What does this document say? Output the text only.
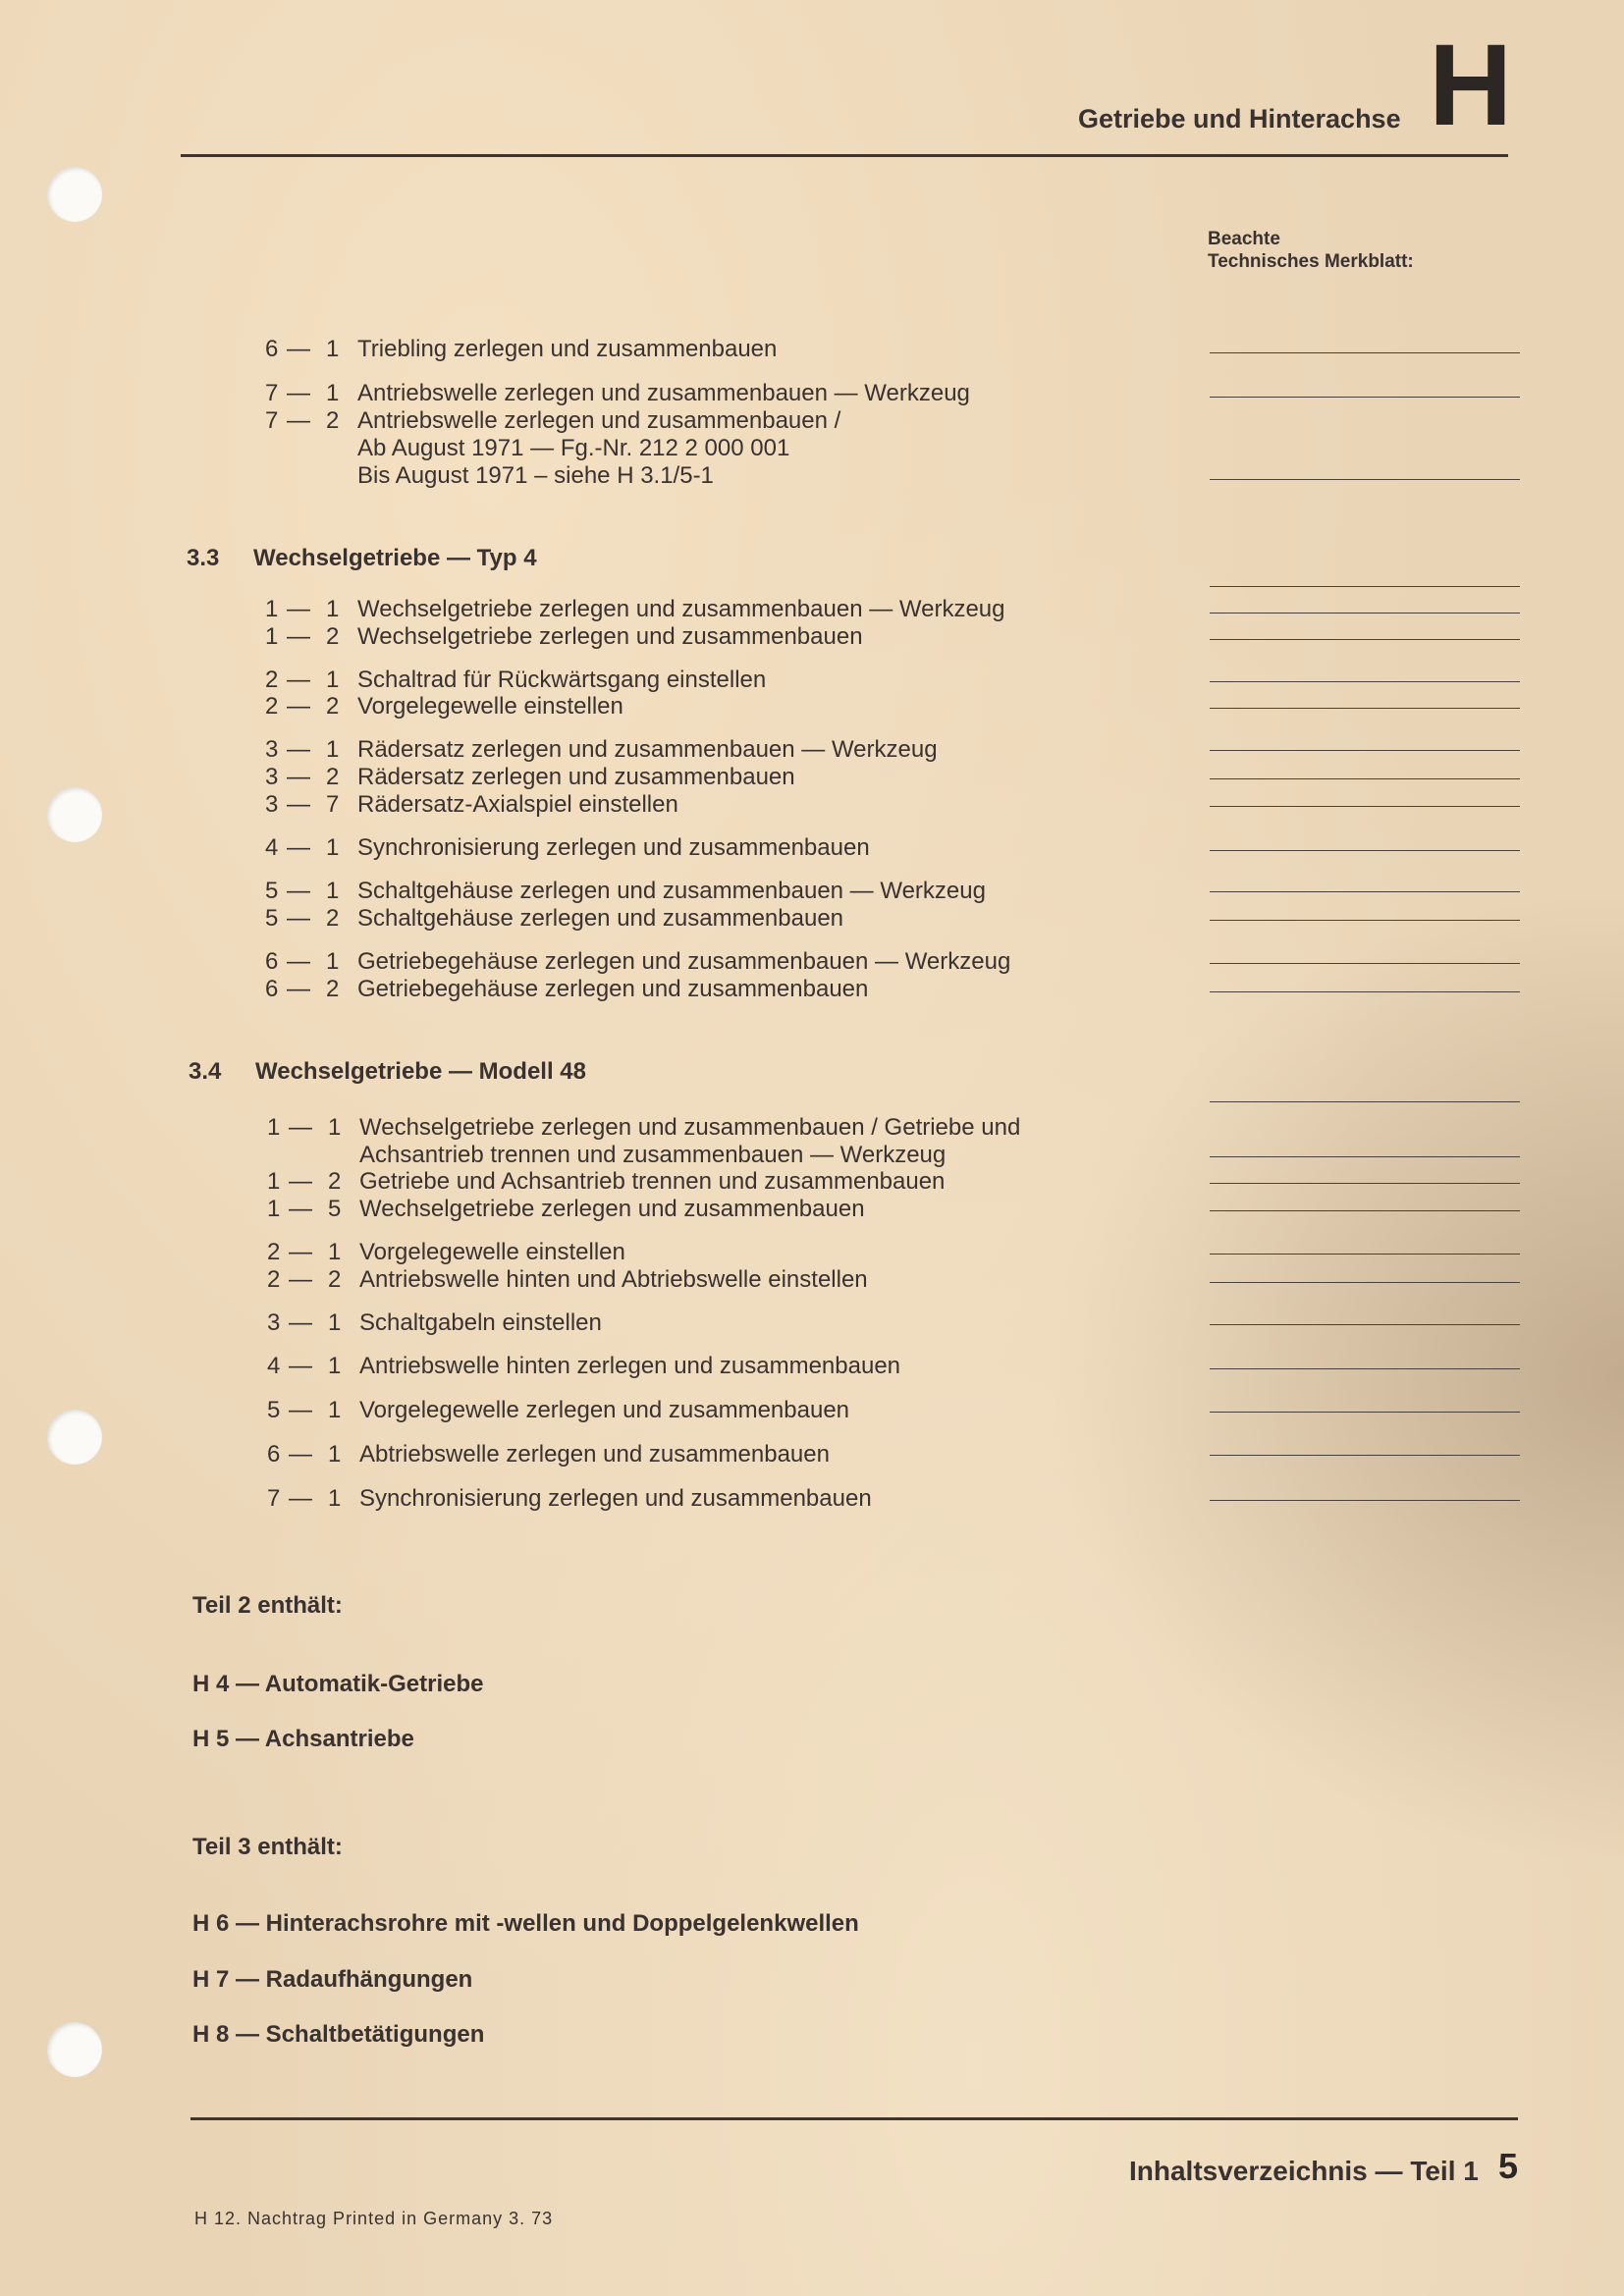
Getriebe und Hinterachse H
Beachte
Technisches Merkblatt:
6 — 1 Triebling zerlegen und zusammenbauen
7 — 1 Antriebswelle zerlegen und zusammenbauen — Werkzeug
7 — 2 Antriebswelle zerlegen und zusammenbauen /
Ab August 1971 — Fg.-Nr. 212 2 000 001
Bis August 1971 – siehe H 3.1/5-1
3.3 Wechselgetriebe — Typ 4
1 — 1 Wechselgetriebe zerlegen und zusammenbauen — Werkzeug
1 — 2 Wechselgetriebe zerlegen und zusammenbauen
2 — 1 Schaltrad für Rückwärtsgang einstellen
2 — 2 Vorgelegewelle einstellen
3 — 1 Rädersatz zerlegen und zusammenbauen — Werkzeug
3 — 2 Rädersatz zerlegen und zusammenbauen
3 — 7 Rädersatz-Axialspiel einstellen
4 — 1 Synchronisierung zerlegen und zusammenbauen
5 — 1 Schaltgehäuse zerlegen und zusammenbauen — Werkzeug
5 — 2 Schaltgehäuse zerlegen und zusammenbauen
6 — 1 Getriebegehäuse zerlegen und zusammenbauen — Werkzeug
6 — 2 Getriebegehäuse zerlegen und zusammenbauen
3.4 Wechselgetriebe — Modell 48
1 — 1 Wechselgetriebe zerlegen und zusammenbauen / Getriebe und
Achsantrieb trennen und zusammenbauen — Werkzeug
1 — 2 Getriebe und Achsantrieb trennen und zusammenbauen
1 — 5 Wechselgetriebe zerlegen und zusammenbauen
2 — 1 Vorgelegewelle einstellen
2 — 2 Antriebswelle hinten und Abtriebswelle einstellen
3 — 1 Schaltgabeln einstellen
4 — 1 Antriebswelle hinten zerlegen und zusammenbauen
5 — 1 Vorgelegewelle zerlegen und zusammenbauen
6 — 1 Abtriebswelle zerlegen und zusammenbauen
7 — 1 Synchronisierung zerlegen und zusammenbauen
Teil 2 enthält:
H 4 — Automatik-Getriebe
H 5 — Achsantriebe
Teil 3 enthält:
H 6 — Hinterachsrohre mit -wellen und Doppelgelenkwellen
H 7 — Radaufhängungen
H 8 — Schaltbetätigungen
Inhaltsverzeichnis — Teil 1 5
H 12. Nachtrag Printed in Germany 3. 73
